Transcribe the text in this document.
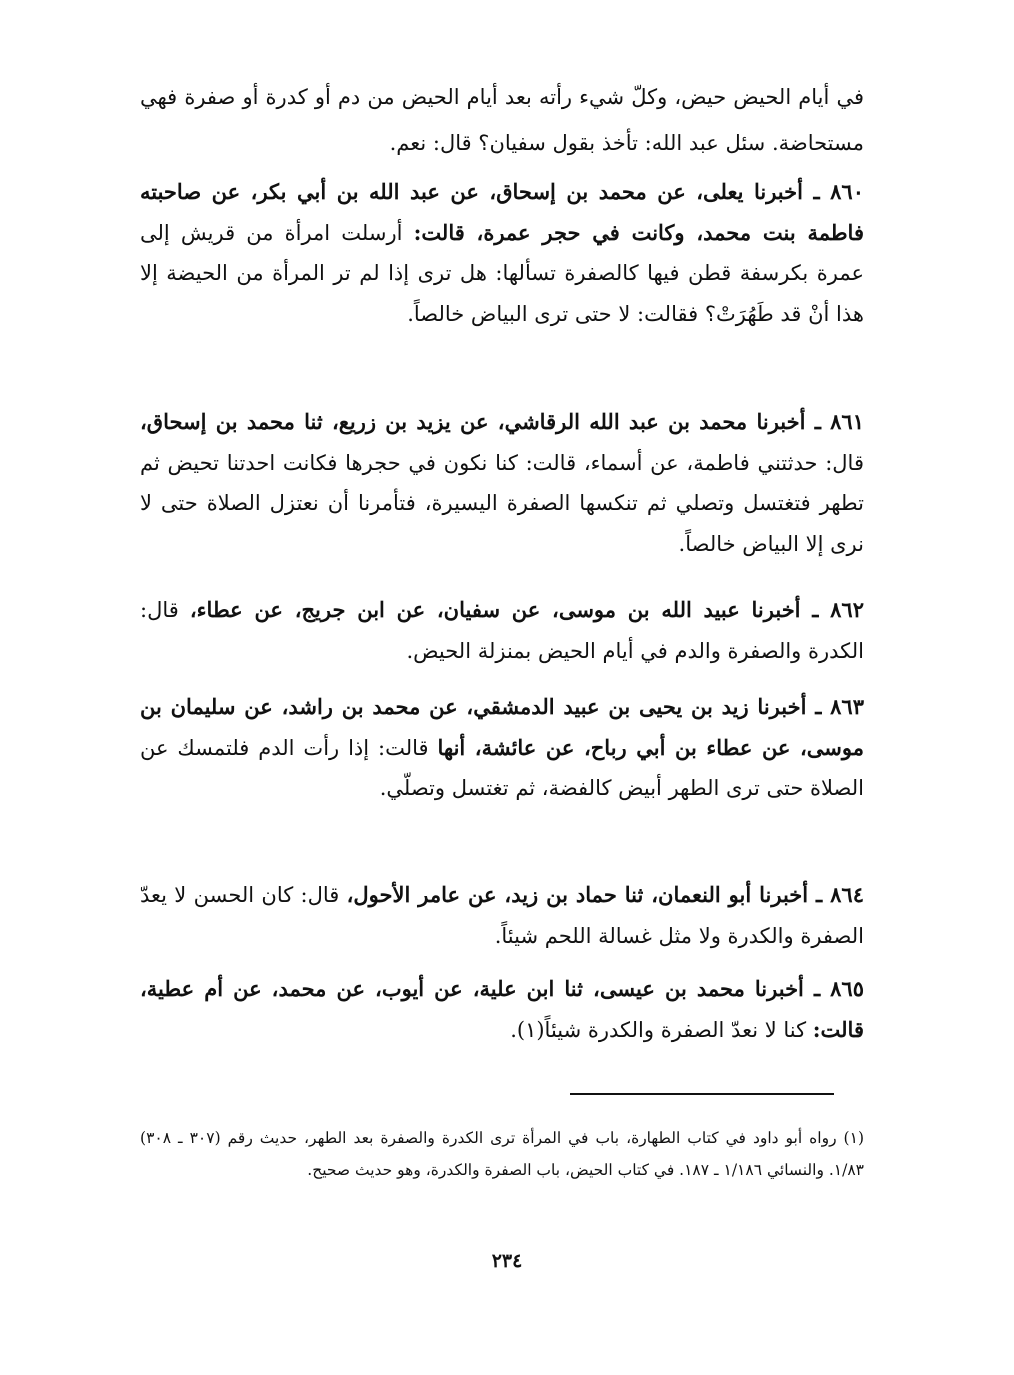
في أيام الحيض حيض، وكلّ شيء رأته بعد أيام الحيض من دم أو كدرة أو صفرة فهي مستحاضة. سئل عبد الله: تأخذ بقول سفيان؟ قال: نعم.

٨٦٠ ـ أخبرنا يعلى، عن محمد بن إسحاق، عن عبد الله بن أبي بكر، عن صاحبته فاطمة بنت محمد، وكانت في حجر عمرة، قالت: أرسلت امرأة من قريش إلى عمرة بكرسفة قطن فيها كالصفرة تسألها: هل ترى إذا لم تر المرأة من الحيضة إلا هذا أنْ قد طَهُرَتْ؟ فقالت: لا حتى ترى البياض خالصاً.

٨٦١ ـ أخبرنا محمد بن عبد الله الرقاشي، عن يزيد بن زريع، ثنا محمد بن إسحاق، قال: حدثتني فاطمة، عن أسماء، قالت: كنا نكون في حجرها فكانت احدتنا تحيض ثم تطهر فتغتسل وتصلي ثم تنكسها الصفرة اليسيرة، فتأمرنا أن نعتزل الصلاة حتى لا نرى إلا البياض خالصاً.

٨٦٢ ـ أخبرنا عبيد الله بن موسى، عن سفيان، عن ابن جريج، عن عطاء، قال: الكدرة والصفرة والدم في أيام الحيض بمنزلة الحيض.

٨٦٣ ـ أخبرنا زيد بن يحيى بن عبيد الدمشقي، عن محمد بن راشد، عن سليمان بن موسى، عن عطاء بن أبي رباح، عن عائشة، أنها قالت: إذا رأت الدم فلتمسك عن الصلاة حتى ترى الطهر أبيض كالفضة، ثم تغتسل وتصلّي.

٨٦٤ ـ أخبرنا أبو النعمان، ثنا حماد بن زيد، عن عامر الأحول، قال: كان الحسن لا يعدّ الصفرة والكدرة ولا مثل غسالة اللحم شيئاً.

٨٦٥ ـ أخبرنا محمد بن عيسى، ثنا ابن علية، عن أيوب، عن محمد، عن أم عطية، قالت: كنا لا نعدّ الصفرة والكدرة شيئاً(١).

(١) رواه أبو داود في كتاب الطهارة، باب في المرأة ترى الكدرة والصفرة بعد الطهر، حديث رقم (٣٠٧ ـ ٣٠٨) ١/٨٣. والنسائي ١/١٨٦ ـ ١٨٧. في كتاب الحيض، باب الصفرة والكدرة، وهو حديث صحيح.

٢٣٤
